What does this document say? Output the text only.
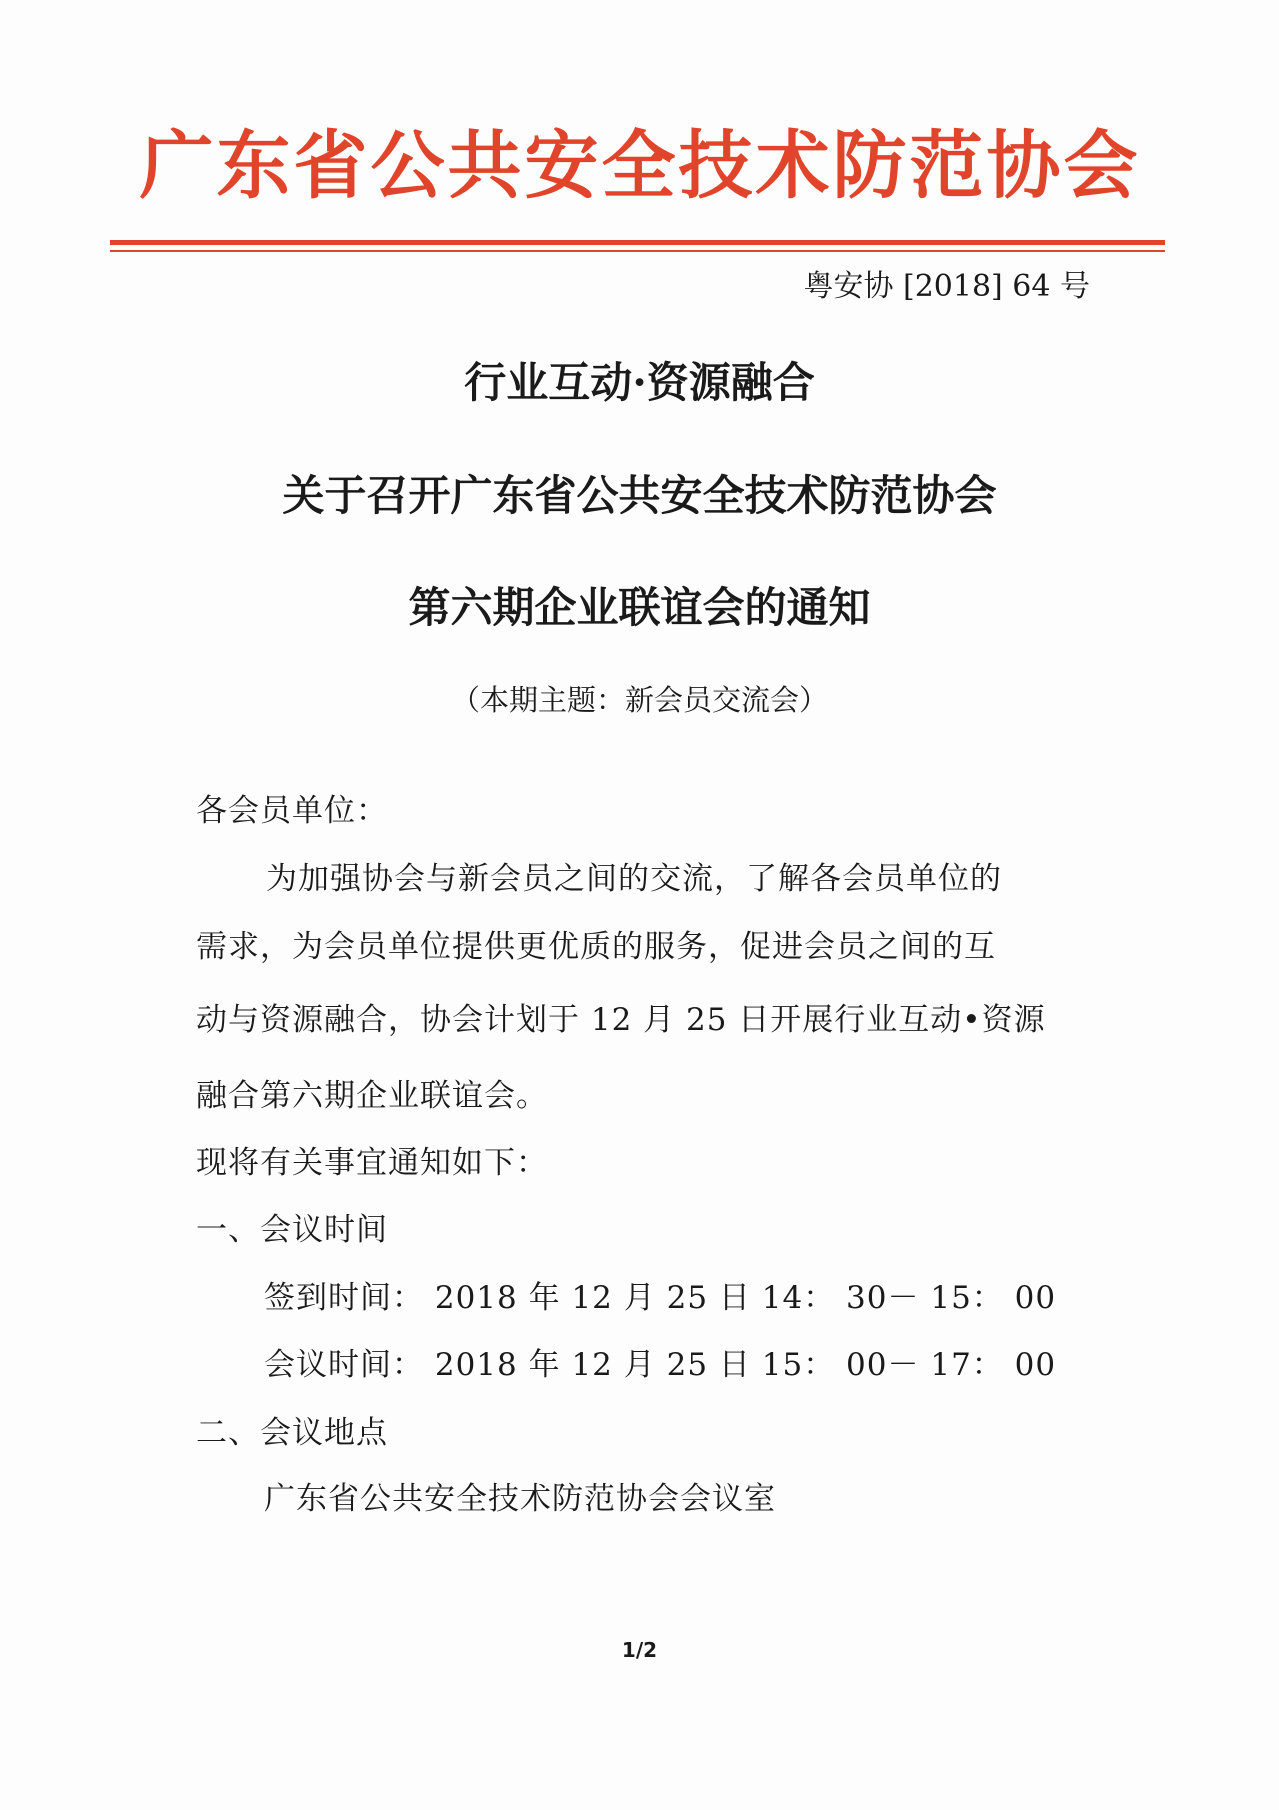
广东省公共安全技术防范协会
粤安协 [2018] 64 号
行业互动·资源融合
关于召开广东省公共安全技术防范协会
第六期企业联谊会的通知
（本期主题：新会员交流会）
各会员单位：
为加强协会与新会员之间的交流，了解各会员单位的
需求，为会员单位提供更优质的服务，促进会员之间的互
动与资源融合，协会计划于 12 月 25 日开展行业互动•资源
融合第六期企业联谊会。
现将有关事宜通知如下：
一、会议时间
签到时间： 2018 年 12 月 25 日 14： 30－ 15： 00
会议时间： 2018 年 12 月 25 日 15： 00－ 17： 00
二、会议地点
广东省公共安全技术防范协会会议室
1/2
